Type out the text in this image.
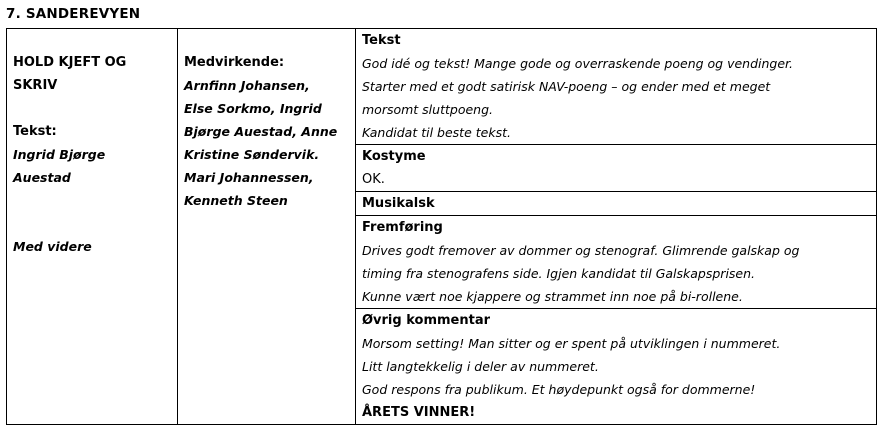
7. SANDEREVYEN
HOLD KJEFT OG
SKRIV
Tekst:
Ingrid Bjørge
Auestad
Med videre

Medvirkende:
Arnfinn Johansen,
Else Sorkmo, Ingrid
Bjørge Auestad, Anne
Kristine Søndervik.
Mari Johannessen,
Kenneth Steen

Tekst
God idé og tekst! Mange gode og overraskende poeng og vendinger.
Starter med et godt satirisk NAV-poeng – og ender med et meget
morsomt sluttpoeng.
Kandidat til beste tekst.

Kostyme
OK.

Musikalsk

Fremføring
Drives godt fremover av dommer og stenograf. Glimrende galskap og
timing fra stenografens side. Igjen kandidat til Galskapsprisen.
Kunne vært noe kjappere og strammet inn noe på bi-rollene.

Øvrig kommentar
Morsom setting! Man sitter og er spent på utviklingen i nummeret.
Litt langtekkelig i deler av nummeret.
God respons fra publikum. Et høydepunkt også for dommerne!
ÅRETS VINNER!
